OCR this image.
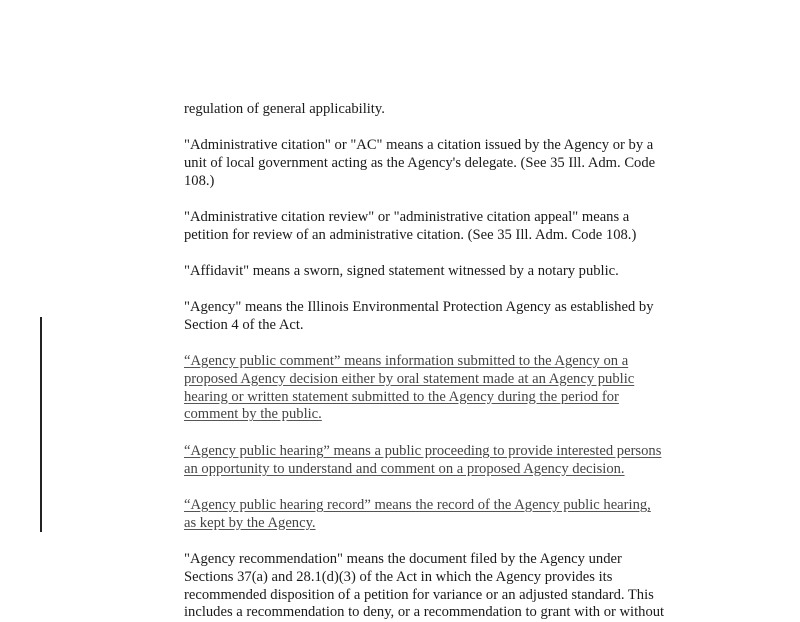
regulation of general applicability.
"Administrative citation" or "AC" means a citation issued by the Agency or by a
unit of local government acting as the Agency's delegate. (See 35 Ill. Adm. Code
108.)
"Administrative citation review" or "administrative citation appeal" means a
petition for review of an administrative citation. (See 35 Ill. Adm. Code 108.)
"Affidavit" means a sworn, signed statement witnessed by a notary public.
"Agency" means the Illinois Environmental Protection Agency as established by
Section 4 of the Act.
“Agency public comment” means information submitted to the Agency on a
proposed Agency decision either by oral statement made at an Agency public
hearing or written statement submitted to the Agency during the period for
comment by the public.
“Agency public hearing” means a public proceeding to provide interested persons
an opportunity to understand and comment on a proposed Agency decision.
“Agency public hearing record” means the record of the Agency public hearing,
as kept by the Agency.
"Agency recommendation" means the document filed by the Agency under
Sections 37(a) and 28.1(d)(3) of the Act in which the Agency provides its
recommended disposition of a petition for variance or an adjusted standard. This
includes a recommendation to deny, or a recommendation to grant with or without
